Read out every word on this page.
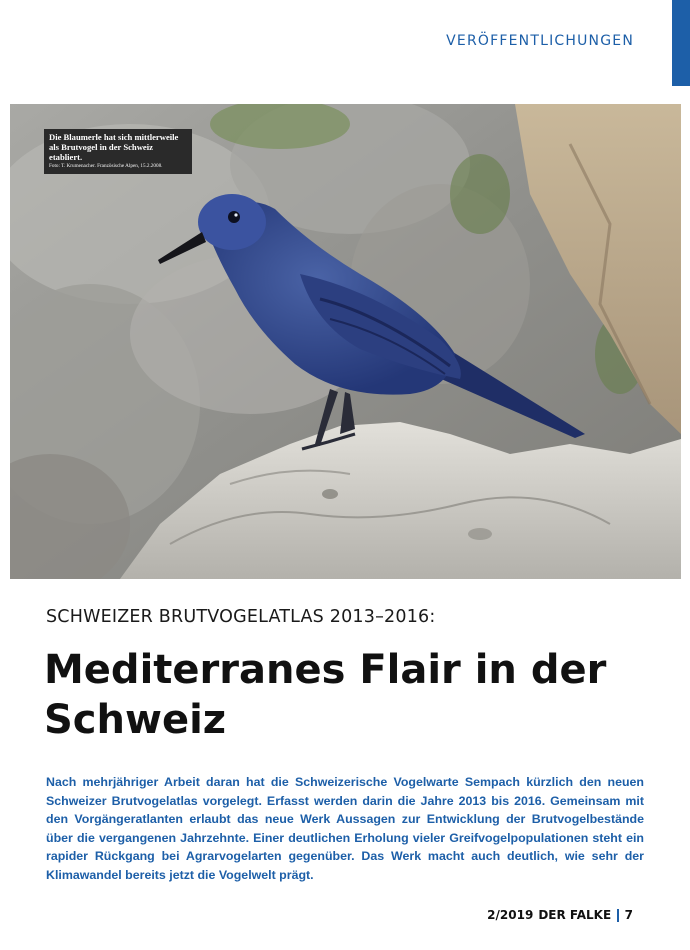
VERÖFFENTLICHUNGEN
Die Blaumerle hat sich mittlerweile als Brutvogel in der Schweiz etabliert.
Foto: T. Krumenacher. Französische Alpen, 15.2.2008.
SCHWEIZER BRUTVOGELATLAS 2013–2016:
Mediterranes Flair in der Schweiz

Nach mehrjähriger Arbeit daran hat die Schweizerische Vogelwarte Sempach kürzlich den neuen Schweizer Brutvogelatlas vorgelegt. Erfasst werden darin die Jahre 2013 bis 2016. Gemeinsam mit den Vorgängeratlanten erlaubt das neue Werk Aussagen zur Entwicklung der Brutvogelbestände über die vergangenen Jahrzehnte. Einer deutlichen Erholung vieler Greifvogelpopulationen steht ein rapider Rückgang bei Agrarvogelarten gegenüber. Das Werk macht auch deutlich, wie sehr der Klimawandel bereits jetzt die Vogelwelt prägt.

2/2019 DER FALKE 7
